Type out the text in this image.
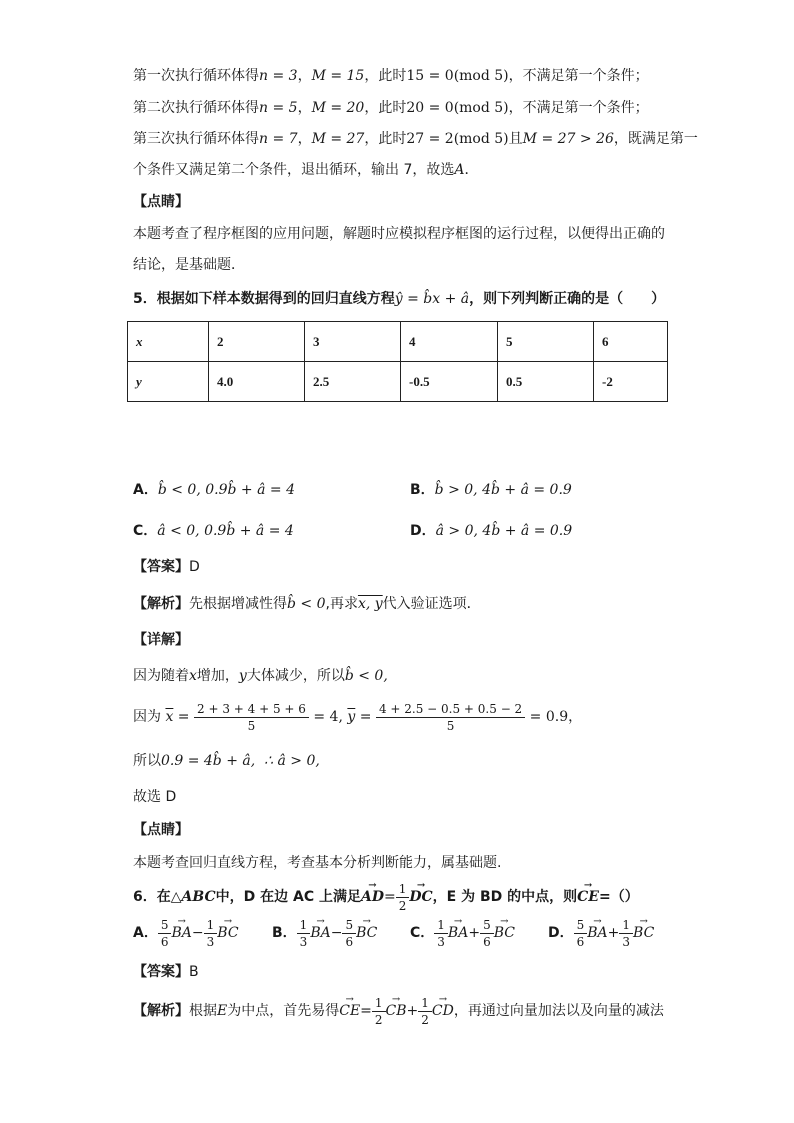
第一次执行循环体得n = 3，M = 15，此时15 = 0(mod 5)，不满足第一个条件；
第二次执行循环体得n = 5，M = 20，此时20 = 0(mod 5)，不满足第一个条件；
第三次执行循环体得n = 7，M = 27，此时27 = 2(mod 5)且M = 27 > 26，既满足第一
个条件又满足第二个条件，退出循环，输出 7，故选A．
【点睛】
本题考查了程序框图的应用问题，解题时应模拟程序框图的运行过程，以便得出正确的
结论，是基础题．
5．根据如下样本数据得到的回归直线方程ŷ = b̂x + â，则下列判断正确的是（　　）
x	2	3	4	5	6
y	4.0	2.5	-0.5	0.5	-2
A．b̂ < 0, 0.9b̂ + â = 4	B．b̂ > 0, 4b̂ + â = 0.9
C．â < 0, 0.9b̂ + â = 4	D．â > 0, 4b̂ + â = 0.9
【答案】D
【解析】先根据增减性得b̂ < 0,再求x, y代入验证选项．
【详解】
因为随着x增加，y大体减少，所以b̂ < 0,
因为 $\overline{x} = \frac{2 + 3 + 4 + 5 + 6}{5} = 4$, $\overline{y} = \frac{4 + 2.5 - 0.5 + 0.5 - 2}{5} = 0.9$，
所以0.9 = 4b̂ + â, ∴ â > 0,
故选 D
【点睛】
本题考查回归直线方程，考查基本分析判断能力，属基础题.
6．在△ABC中，D 在边 AC 上满足→ $AD= \frac{1}{2}$ → DC，E 为 BD 的中点，则→ CE=（）
A． $\frac{5}{6} \to BA- \frac{1}{3}$ → BC B． $\frac{1}{3} \to BA- \frac{5}{6}$ → BC C． $\frac{1}{3} \to BA+ \frac{5}{6}$ → BC D． $\frac{5}{6} \to BA+ \frac{1}{3}$ → BC
【答案】B
【解析】根据E为中点，首先易得→ $CE= \frac{1}{2} \to CB+ \frac{1}{2}$ → CD，再通过向量加法以及向量的减法
